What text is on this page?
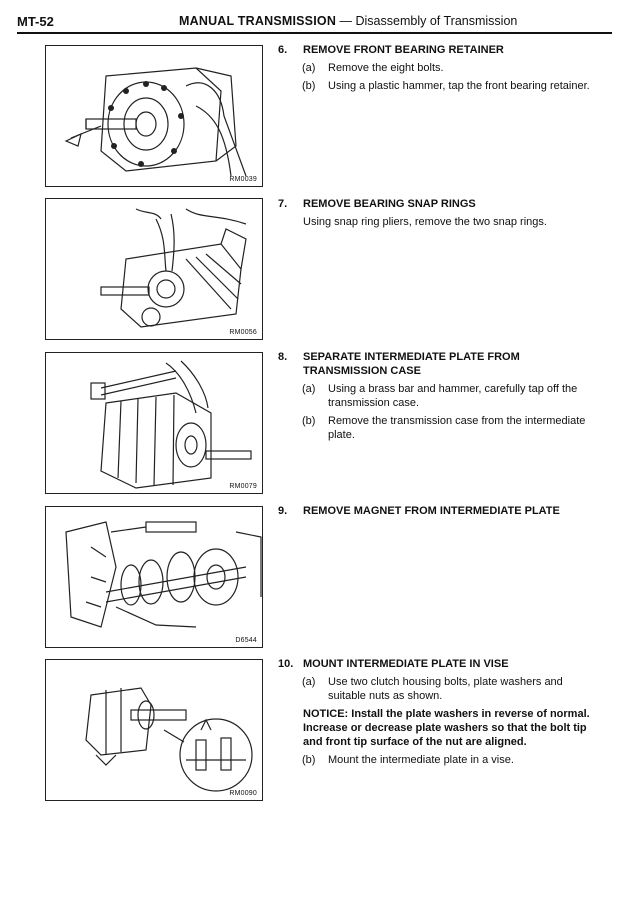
MT-52	MANUAL TRANSMISSION — Disassembly of Transmission
RM0039
RM0056
RM0079
D6544
RM0090
6. REMOVE FRONT BEARING RETAINER
(a) Remove the eight bolts.
(b) Using a plastic hammer, tap the front bearing retainer.
7. REMOVE BEARING SNAP RINGS
Using snap ring pliers, remove the two snap rings.
8. SEPARATE INTERMEDIATE PLATE FROM TRANSMISSION CASE
(a) Using a brass bar and hammer, carefully tap off the transmission case.
(b) Remove the transmission case from the intermediate plate.
9. REMOVE MAGNET FROM INTERMEDIATE PLATE
10. MOUNT INTERMEDIATE PLATE IN VISE
(a) Use two clutch housing bolts, plate washers and suitable nuts as shown.
NOTICE: Install the plate washers in reverse of normal. Increase or decrease plate washers so that the bolt tip and front tip surface of the nut are aligned.
(b) Mount the intermediate plate in a vise.
